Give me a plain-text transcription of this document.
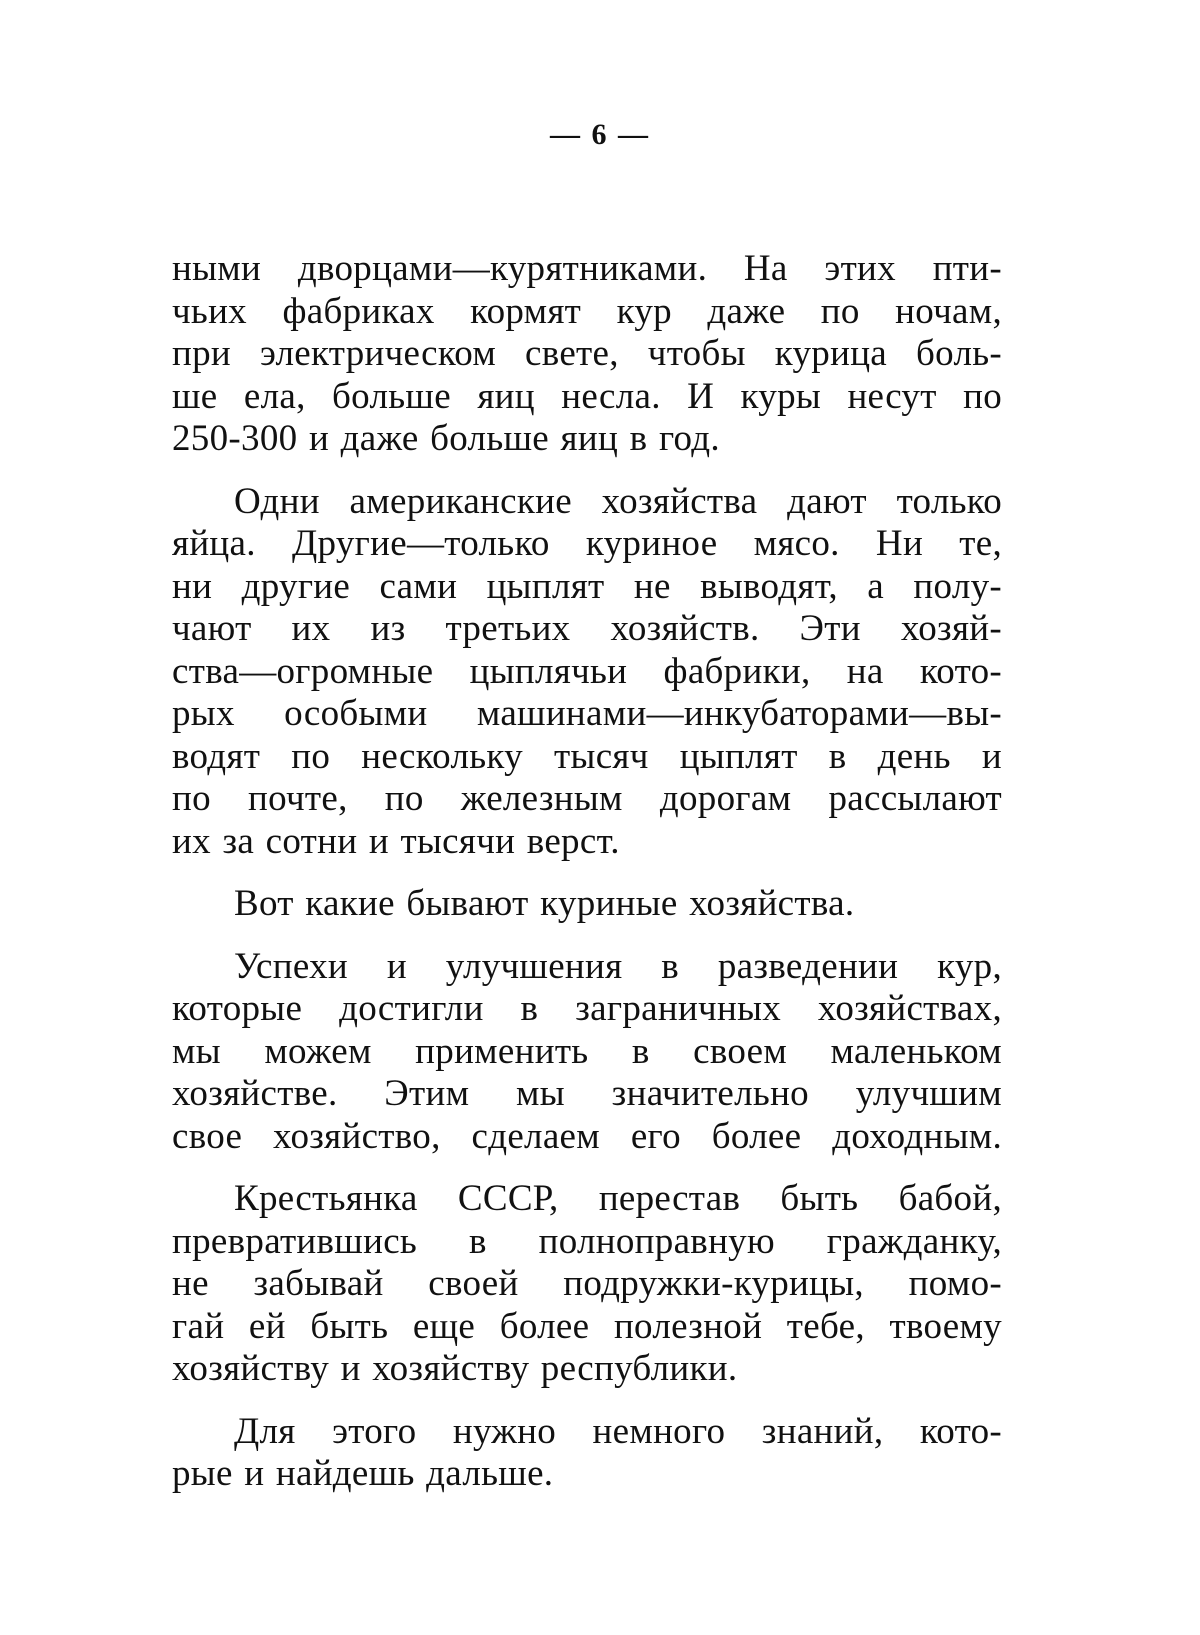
— 6 —

ными дворцами—курятниками. На этих пти-
чьих фабриках кормят кур даже по ночам,
при электрическом свете, чтобы курица боль-
ше ела, больше яиц несла. И куры несут по
250-300 и даже больше яиц в год.

Одни американские хозяйства дают только
яйца. Другие—только куриное мясо. Ни те,
ни другие сами цыплят не выводят, а полу-
чают их из третьих хозяйств. Эти хозяй-
ства—огромные цыплячьи фабрики, на кото-
рых особыми машинами—инкубаторами—вы-
водят по нескольку тысяч цыплят в день и
по почте, по железным дорогам рассылают
их за сотни и тысячи верст.

Вот какие бывают куриные хозяйства.

Успехи и улучшения в разведении кур,
которые достигли в заграничных хозяйствах,
мы можем применить в своем маленьком
хозяйстве. Этим мы значительно улучшим
свое хозяйство, сделаем его более доходным.

Крестьянка СССР, перестав быть бабой,
превратившись в полноправную гражданку,
не забывай своей подружки-курицы, помо-
гай ей быть еще более полезной тебе, твоему
хозяйству и хозяйству республики.

Для этого нужно немного знаний, кото-
рые и найдешь дальше.
